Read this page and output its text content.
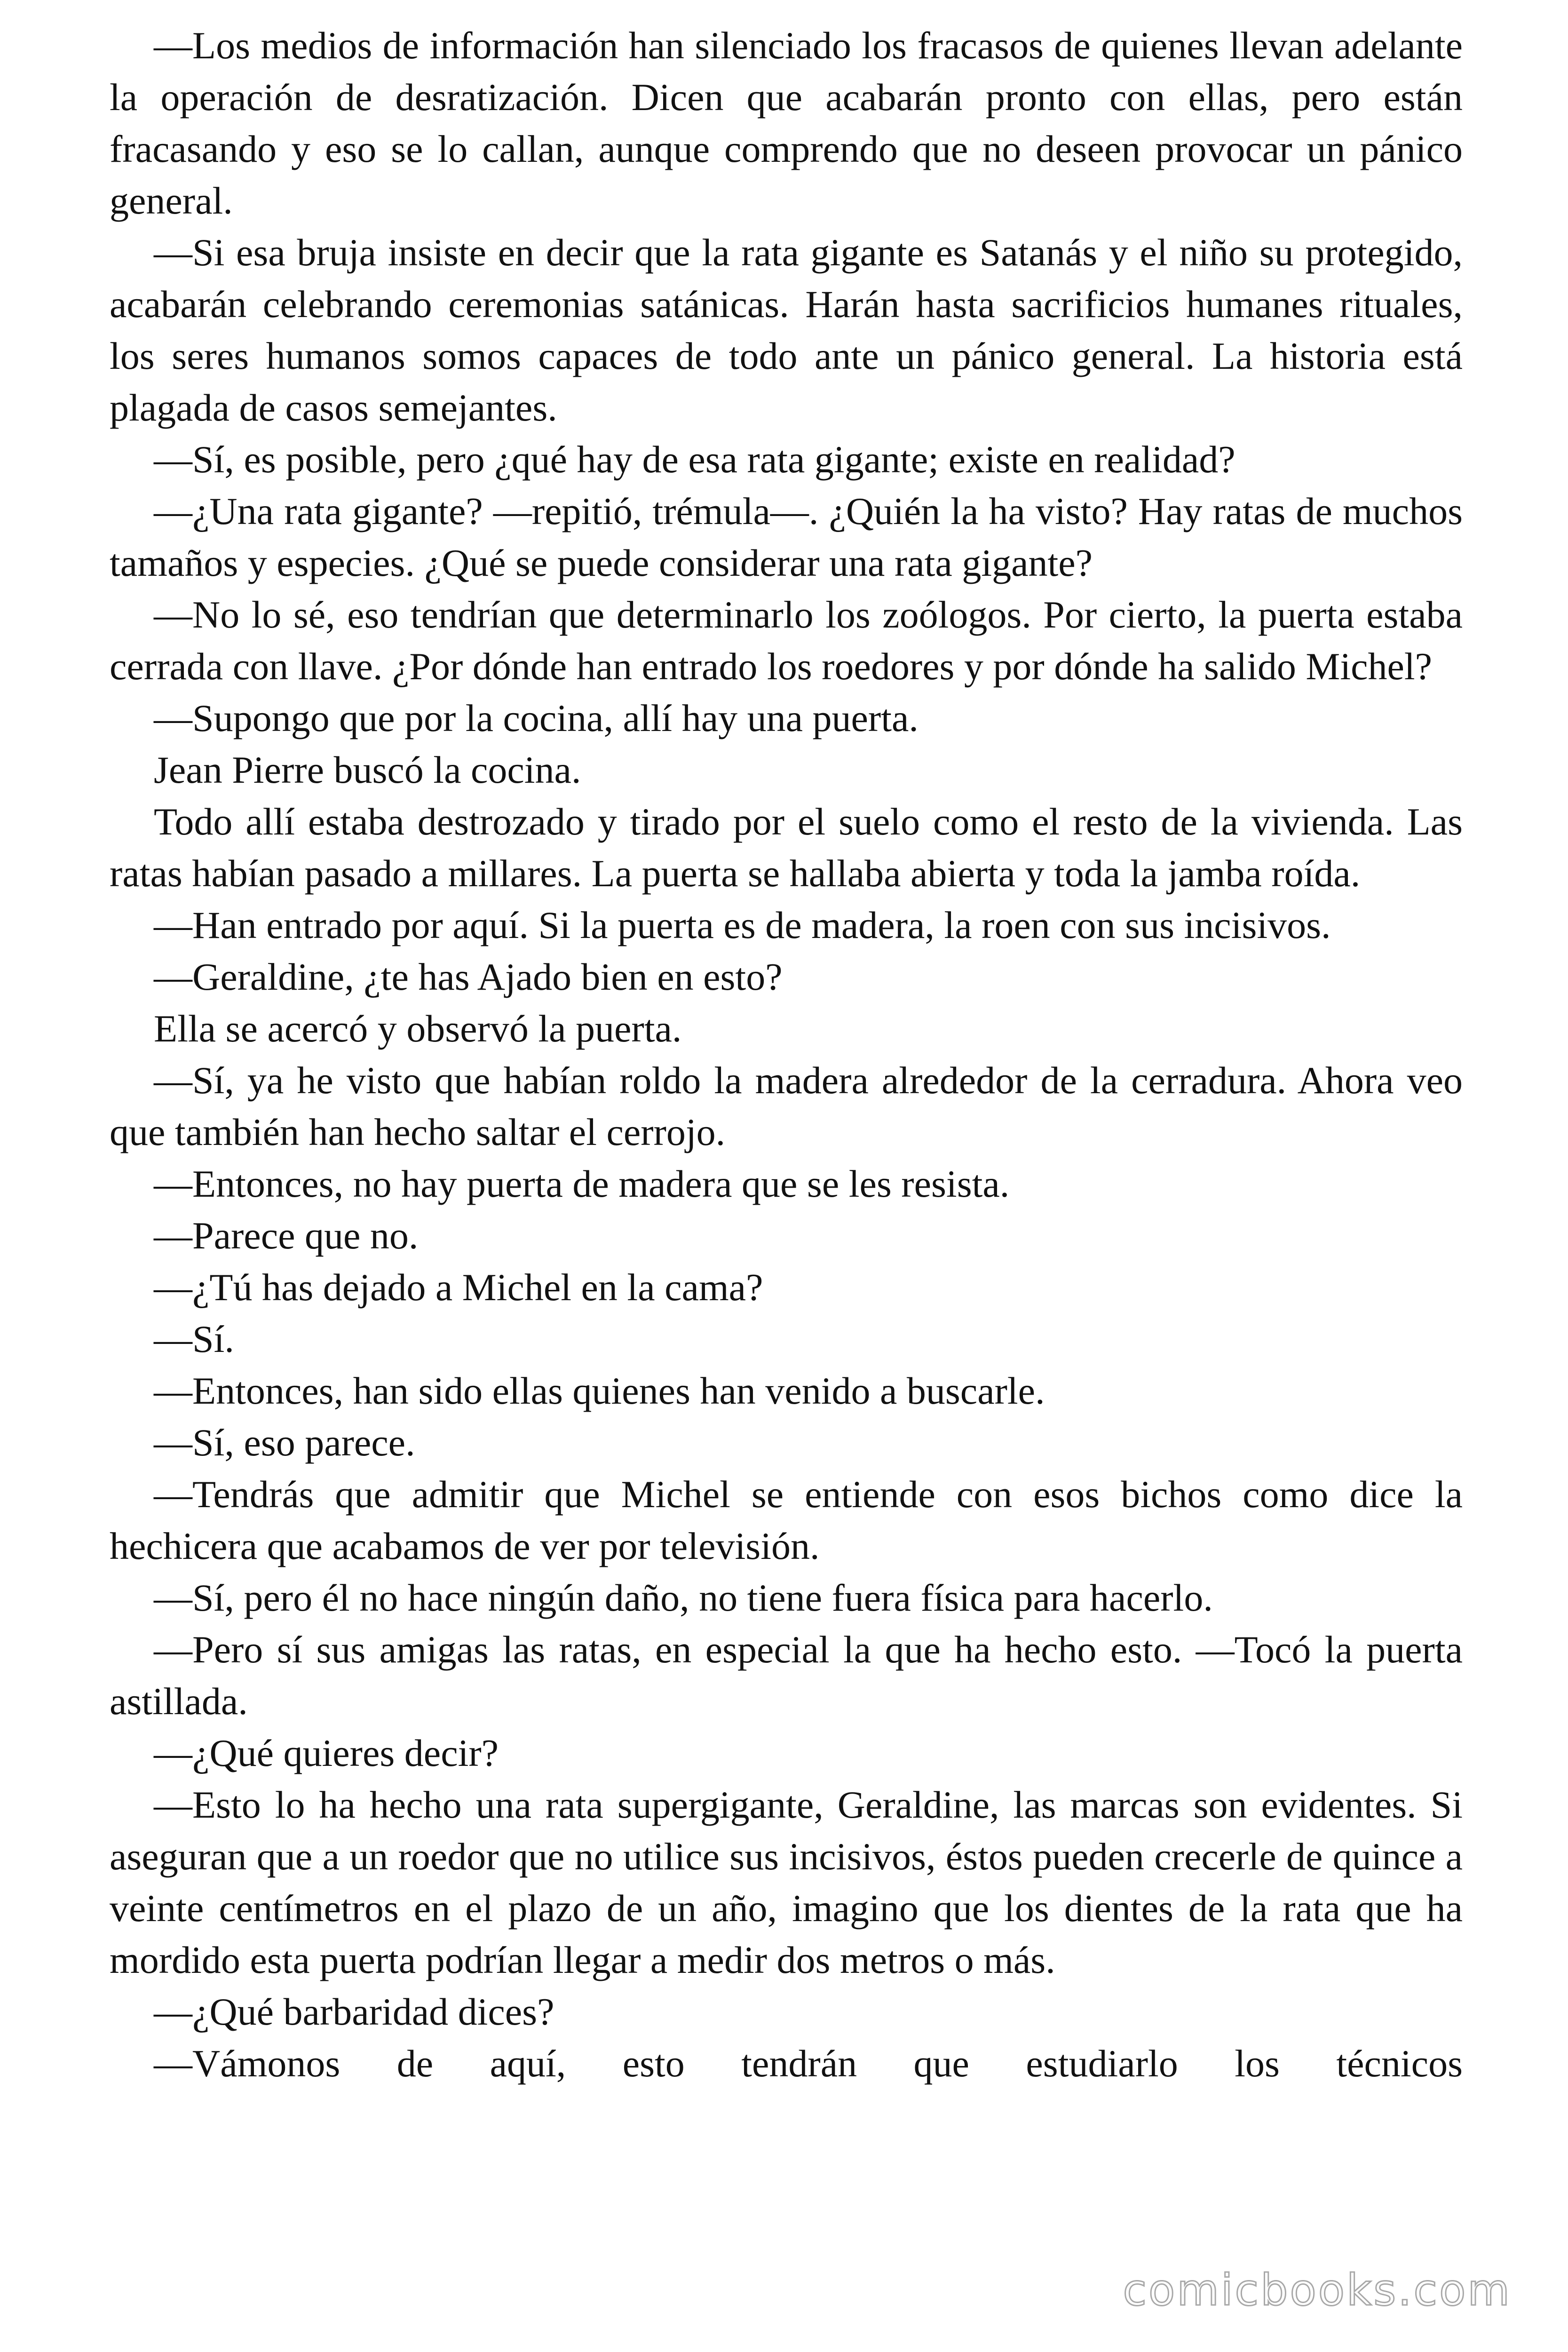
—Los medios de información han silenciado los fracasos de quienes llevan adelante la operación de desratización. Dicen que acabarán pronto con ellas, pero están fracasando y eso se lo callan, aunque comprendo que no deseen provocar un pánico general.

—Si esa bruja insiste en decir que la rata gigante es Satanás y el niño su protegido, acabarán celebrando ceremonias satánicas. Harán hasta sacrificios humanes rituales, los seres humanos somos capaces de todo ante un pánico general. La historia está plagada de casos semejantes.

—Sí, es posible, pero ¿qué hay de esa rata gigante; existe en realidad?

—¿Una rata gigante? —repitió, trémula—. ¿Quién la ha visto? Hay ratas de muchos tamaños y especies. ¿Qué se puede considerar una rata gigante?

—No lo sé, eso tendrían que determinarlo los zoólogos. Por cierto, la puerta estaba cerrada con llave. ¿Por dónde han entrado los roedores y por dónde ha salido Michel?

—Supongo que por la cocina, allí hay una puerta.

Jean Pierre buscó la cocina.

Todo allí estaba destrozado y tirado por el suelo como el resto de la vivienda. Las ratas habían pasado a millares. La puerta se hallaba abierta y toda la jamba roída.

—Han entrado por aquí. Si la puerta es de madera, la roen con sus incisivos.

—Geraldine, ¿te has Ajado bien en esto?

Ella se acercó y observó la puerta.

—Sí, ya he visto que habían roldo la madera alrededor de la cerradura. Ahora veo que también han hecho saltar el cerrojo.

—Entonces, no hay puerta de madera que se les resista.

—Parece que no.

—¿Tú has dejado a Michel en la cama?

—Sí.

—Entonces, han sido ellas quienes han venido a buscarle.

—Sí, eso parece.

—Tendrás que admitir que Michel se entiende con esos bichos como dice la hechicera que acabamos de ver por televisión.

—Sí, pero él no hace ningún daño, no tiene fuera física para hacerlo.

—Pero sí sus amigas las ratas, en especial la que ha hecho esto. —Tocó la puerta astillada.

—¿Qué quieres decir?

—Esto lo ha hecho una rata supergigante, Geraldine, las marcas son evidentes. Si aseguran que a un roedor que no utilice sus incisivos, éstos pueden crecerle de quince a veinte centímetros en el plazo de un año, imagino que los dientes de la rata que ha mordido esta puerta podrían llegar a medir dos metros o más.

—¿Qué barbaridad dices?

—Vámonos de aquí, esto tendrán que estudiarlo los técnicos

comicbooks.com
